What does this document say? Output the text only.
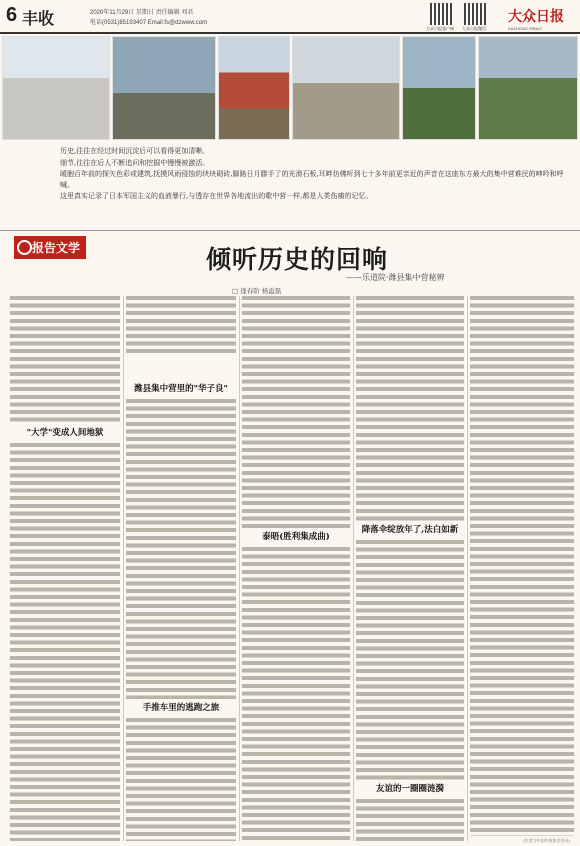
6 丰收	2020年11月29日 星期日 责任编辑 刘君
电话(0531)85193407 Email:fs@dzwww.com
大众日报客户端 大众日报微信
大众日报
DAZHONG RIBAO

历史,往往在经过时间沉淀后可以看得更加清晰。

细节,往往在后人不断追问和挖掘中慢慢被激活。

暖胞百年前的探矢色彩或建筑,抚摸风雨侵蚀的块块砌砖,脚路日月滕手了的光滑石板,耳畔仿佛听到七十多年前更亲近的声音在这座东方最大的集中营难民的呻吟和呼喊。

这里真实记录了日本军国主义的血液暴行,与透存在世界各地流出的歌中营一样,都是人类伤痛的记忆。

报告文学	倾听历史的回响
——乐道院·潍县集中营秘辨
□ 逄春阶 杨溢磊
"大学"变成人间地狱
潍县集中营里的"华子良"
手推车里的逃跑之旅
泰晤(胜利集成曲)
降落伞绽放年了,法白如新
友谊的一圈圈涟漪
(作者为中国作家协会会员)
